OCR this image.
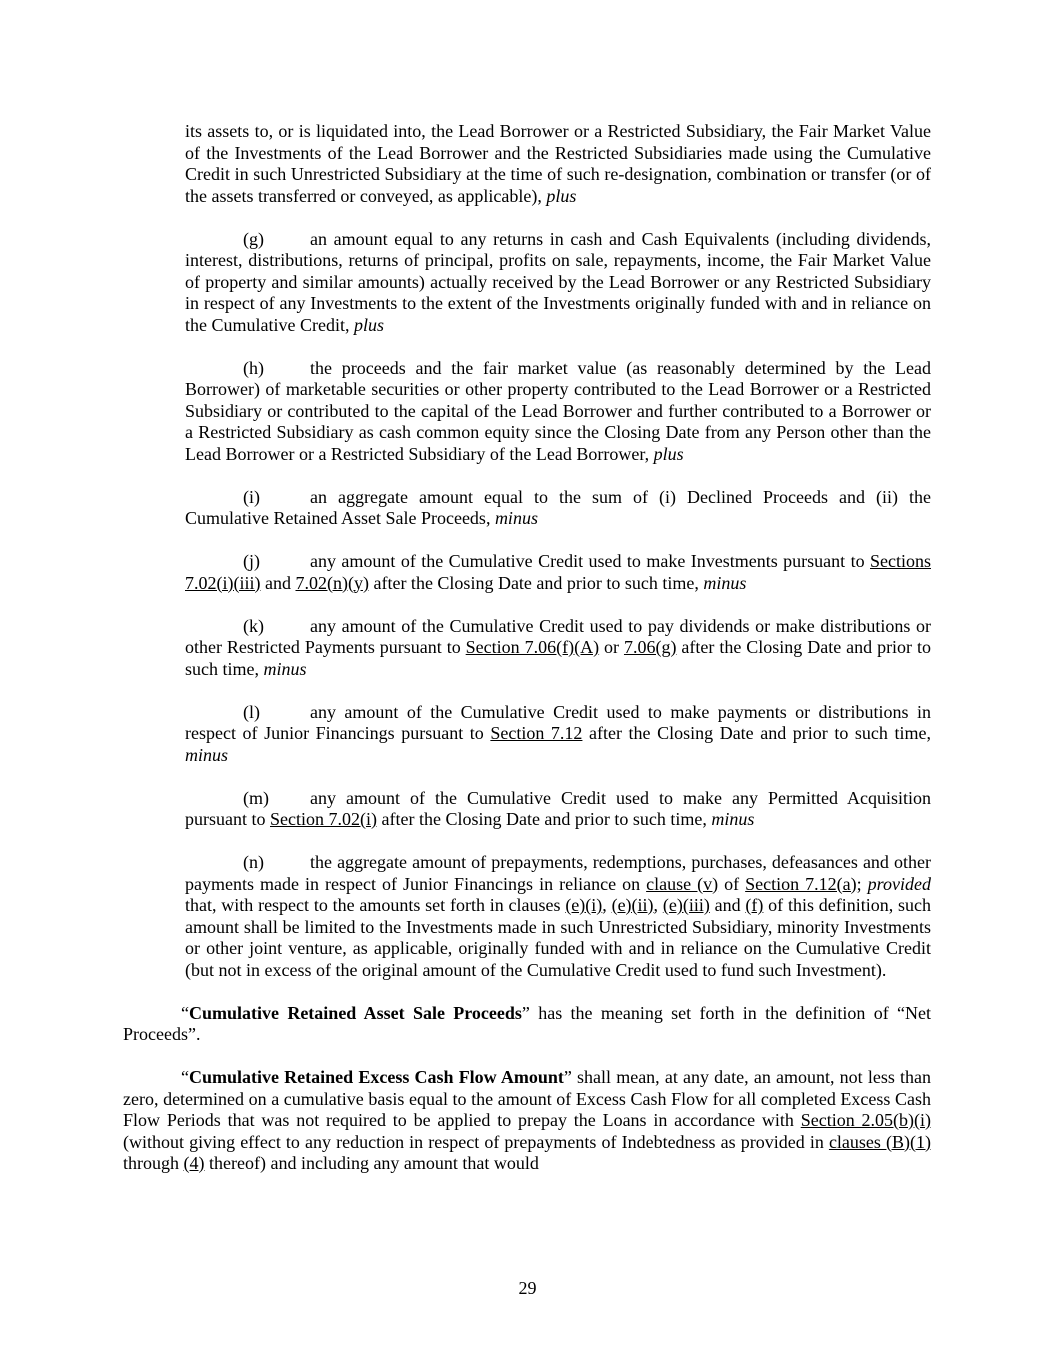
its assets to, or is liquidated into, the Lead Borrower or a Restricted Subsidiary, the Fair Market Value of the Investments of the Lead Borrower and the Restricted Subsidiaries made using the Cumulative Credit in such Unrestricted Subsidiary at the time of such re-designation, combination or transfer (or of the assets transferred or conveyed, as applicable), plus

(g)	an amount equal to any returns in cash and Cash Equivalents (including dividends, interest, distributions, returns of principal, profits on sale, repayments, income, the Fair Market Value of property and similar amounts) actually received by the Lead Borrower or any Restricted Subsidiary in respect of any Investments to the extent of the Investments originally funded with and in reliance on the Cumulative Credit, plus

(h)	the proceeds and the fair market value (as reasonably determined by the Lead Borrower) of marketable securities or other property contributed to the Lead Borrower or a Restricted Subsidiary or contributed to the capital of the Lead Borrower and further contributed to a Borrower or a Restricted Subsidiary as cash common equity since the Closing Date from any Person other than the Lead Borrower or a Restricted Subsidiary of the Lead Borrower, plus

(i)	an aggregate amount equal to the sum of (i) Declined Proceeds and (ii) the Cumulative Retained Asset Sale Proceeds, minus

(j)	any amount of the Cumulative Credit used to make Investments pursuant to Sections 7.02(i)(iii) and 7.02(n)(y) after the Closing Date and prior to such time, minus

(k)	any amount of the Cumulative Credit used to pay dividends or make distributions or other Restricted Payments pursuant to Section 7.06(f)(A) or 7.06(g) after the Closing Date and prior to such time, minus

(l)	any amount of the Cumulative Credit used to make payments or distributions in respect of Junior Financings pursuant to Section 7.12 after the Closing Date and prior to such time, minus

(m) any amount of the Cumulative Credit used to make any Permitted Acquisition pursuant to Section 7.02(i) after the Closing Date and prior to such time, minus

(n)	the aggregate amount of prepayments, redemptions, purchases, defeasances and other payments made in respect of Junior Financings in reliance on clause (v) of Section 7.12(a); provided that, with respect to the amounts set forth in clauses (e)(i), (e)(ii), (e)(iii) and (f) of this definition, such amount shall be limited to the Investments made in such Unrestricted Subsidiary, minority Investments or other joint venture, as applicable, originally funded with and in reliance on the Cumulative Credit (but not in excess of the original amount of the Cumulative Credit used to fund such Investment).

“Cumulative Retained Asset Sale Proceeds” has the meaning set forth in the definition of “Net Proceeds”.

“Cumulative Retained Excess Cash Flow Amount” shall mean, at any date, an amount, not less than zero, determined on a cumulative basis equal to the amount of Excess Cash Flow for all completed Excess Cash Flow Periods that was not required to be applied to prepay the Loans in accordance with Section 2.05(b)(i) (without giving effect to any reduction in respect of prepayments of Indebtedness as provided in clauses (B)(1) through (4) thereof) and including any amount that would

29
